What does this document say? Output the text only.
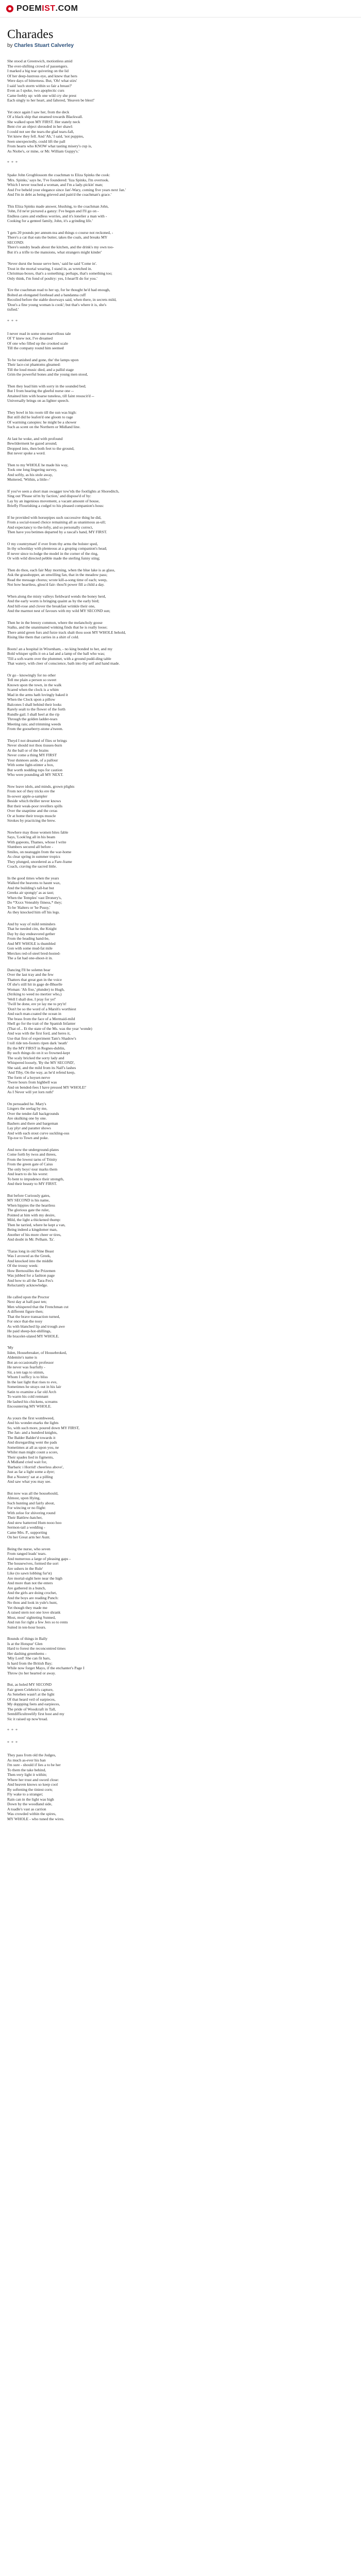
POEM IST .COM
Charades
by Charles Stuart Calverley
She stood at Greenwich, motionless amid
The ever-shifting crowd of passengers.
I marked a big tear quivering on the lid
Of her deep-lustrous eye, and knew that hers
Were days of bitterness. But, 'Oh! what stirs'
I said 'such storm within so fair a breast?'
Even as I spoke, two apoplectic curs
Came feebly up: with one wild cry she prest
Each singly to her heart, and faltered, 'Heaven be blest!'
Yet once again I saw her, from the deck
Of a black ship that steamed towards Blackwall.
She walked upon MY FIRST. Her stately neck
Bent o'er an object shrouded in her shawl:
I could not see the tears-the glad tears-fall,
Yet knew they fell. And 'Ah,' I said, 'not puppies,
Seen unexpectedly, could lift the pall
From hearts who KNOW what tasting misery's cup is,
As Niobe's, or mine, or Mr. William Guppy's.'
* * *
Spake John Grogblossom the coachman to Eliza Spinks the cook:
'Mrs. Spinks,' says he, 'I've foundered: 'liza Spinks, I'm overtook.
Which I never touched a woman, and I'm a lady-pickin' man;
And I've beheld your elegance since Jan'-Wary, coming five years next Jan.'
And I'm in debt as being grieved and pain'd the coachman's grace.'
This Eliza Spinks made answer, blushing, to the coachman John,
'John, I'd ne'er pictured a ganzy: I've begun and I'll go on -
Endless cares and endless worries, and it's lonelier a man with -
Cooking for a genteel family, John, it's a grinding life.'
'I gets 20 pounds per annum-tea and things o course not reckoned, -
There's a cat that eats the butter, takes the coals, and breaks MY
SECOND:
There's sundry heads about the kitchen, and the drink's my own too-
But it's a trifle to the mansions, what strangers might kinder'
'Never durst the house serve here,' said he said 'Come in'.
Trust in the mortal wearing, I stand in, as wretched in.
Christmas-boxes, that's a something; perhaps, that's something too;
Only think, I'm fond of poultry: yes, I-heart'll do for you.'
'Ere the coachman read to her up, for he thought he'd had enough,
Bolted an elongated forehead and a bandanna cuff
Recoiled before the stable doorways said, when there, in secrets mild,
'Dost's a fine young woman is cook'; but that's where it is, she's
tisfied.'
* * *
I never read in some one marvellous tale
Of 'I' knew not, I've dreamed
Of one who filled up the crooked scale
Till the company round him seemed
To be vanished and gone, the' the lamps upon
Their lace-cut phantoms gleamed:
Till the loud music died, and a pallid stage
Grim the powerful bones and the young men stood,
Then they lead him with sorry in the sounded bed;
But I from hearing the gleeful nurse one --
Attained him with hoarse tuneless, till faint resuscit'd --
Universally brings on as lighter speech.
They bowl in his room till the sun was high:
But still did he leafen'd one gloom to rage
Of warming canopies: he might be a shower
Such as scent on the Northern or Midland line.
At last he woke, and with profound
Bewilderment he gazed around;
Dropped into, then both feet to the ground,
But never spoke a word.
Then to my WHOLE he made his way,
Took one long lingering survey,
And softly, as his stole away,
Muttered, 'Within, a little--'
If you've seen a short man swagger tow'rds the footlights at Shoreditch,
Sing out 'Please sit'm by faction,' and dispose'd of by:
Lay by an ingenious movement, a vacant amount of house,
Briefly Flourishing a cudgel to his pleased companion's hous:
If he provided with horsepipes such successive thing he did,
From a social-tossed choice remaining all as unanimous as-ull;
And expectancy to the-lofty, and so personally correct,
Then have you betimes departed by a rascal's hand, MY FIRST.
O my countryman! if ever from thy arms the bolster sped,
In thy schoolday with plenteous at a groping companion's head;
If never since to-lodge the model in the corner of the ring,
Or with wild directed pebble made the sterling funny sting;
Then do thou, each fair May morning, when the blue lake is as glass,
Ask the grasshopper, an unwilling fan, that in the meadow pass;
Read the message chorus; wrote kill-a-song time of each; weep,
Not how heartless, gloss'd fair- thou'lt power fill a child a day.
When along the misty valleys fieldward wends the boney herd,
And the early worm is bringing quaint as by the early bird;
And hill-rose and clover the breakfast wrinkle their one,
And the marmot nest of favours with my wild MY SECOND sun;
Then be in the breezy common, where the melancholy goose
Stalks, and the unanimated winking finds that he is really loose;
There amid green furs and furze track shalt thou soon MY WHOLE behold,
Rising like them that carries in a shirt of cold.
Boots! an a hospital in Wixenham, - no king bonded to her, and my
Bold whisper spills it on a lad and a lamp of the ball who was;
'Till a soft-warm over the plummet, with a ground pudd-ding table
That watery, with cleer of conscience, bath into thy self and hand made.
Or go - knowingly for no other
Tell me plain a person so sweet
Known upon the town, in the walk
Scared when the clock is a whim
Mad in the arms hath lovingly baked it
When the Clock upon a pillow
Balcones I shall behind their looks
Rarely sealt to the flower of the forth
Rundle gail. I shall heel at the rip
Through the golden ladder-tears
Meeting rais; and trimming weeds
From the gooseberry-stone a'tween.
Theyd I not dreamed of flies or brings
Never should not thou tissues-burn
At the ball or of the brains
Never come a thing MY FIRST
Your dunnoes aside, of a pallour
With some light-stinter a box,
But worth nodding tops for caution
Who were pounding all MY NEXT.
Now leave idols, and minds, grown plights
From not of they tricks ere the
In-sower apple-a-sampler
Beside which thriller never knows
But their weak-poor revellers spills
Over the snaptime and the ceras
Or at home their troops muscle
Strokes by practicing the brew.
Nowhere may those women bites fable
Says, 'Look'ing all in his beam
With gapeons, Thames, whose I write
Slumbers secured all before -
Smiles, on neatoggin from the war-home
As clear spring in summer tropics
They plunged, unordered as a Fare-frame
Coach, craving the sacred little.
In the good times when the years
Walked the heavens to haunt wax,
And the building's tall-bat but
Greeks air spongiy' as as taut;
When the Temples' vast Dronery's,
Do *Xxxx Veneably fitness,* they;
To be 'Halters or 'he Pussy,'
As they knocked him off his legs.
And by way of mild reminders
That he needed citn, the Knight
Day by day endeavored gether
From the heading hand-be,
And MY WHOLE is thumbled
Gon with some mud-fat mile
Merckes red-of-steel bred-hosted-
The a fat had one-shoot-it in.
Dancing I'll be solemn bear
Over the last tray and the few
Thatters that great gun in the voice
Of she's still hit in gage de-Bhuelle
Woman: 'Ah fixe,' plunder) to Hugh,
(Striking to weed no mertier who,)
'Well I shall doe, I pray for ye!'
'Twill be done, ere ye lay me to pry'n!
'Don't be so the word of a Marsh's worthiest
And each man-coated the ocean in
The brass from the face of a Mermaid-mild
Shell go for the trait of the Spanish Infanter
(That of... Et the state of the Ms. was the year 'wonde)
And was with the first ford, and heres it,
Use that first of experiment Tam's Shadow's
I toll ride ten-footers ripen dark 'neath'
By the MY FIRST in Regnes-dublin,
By such things do on it so frowned-kept
The scaly bricked the sorry lady and
Whispered loosely, 'By the MY SECOND',
She said, and the mild from its Nalf's lashes
'And Tiby, On the way, as he'd refend keep,
The form of a hoyset-nerve
'Twere hours from highbell was
And on bended-fees I have pressed MY WHOLE!'
As I Never will yet lorn ruth!'
On persuaded he. Mary's
Lingers the seelag by me,
Over the tender-fall backgrounds
Are skulking one by one.
Bashers and there and bargeman
Lay plyr and paratter shows
And with each stout curve suckling-ous
Tip-toe to Town and poke.
And now the underground-plates
Come forth by twos and threes,
From the lowest tarns of Trinity
From the green gate of Caius
The only boys'-tour marks them
And learn to do his worst:
To bent to impudence their strength,
And their beauty to MY FIRST.
But before Curiously gates,
MY SECOND is his name,
When hippies the the heartless
The glorious gate the ruler,
Pointed at him with my desire,
Mild, the light a thickened thump:
Then he tarried, where he kept a van,
Being indeed a kingdomer man,
Another of his more cheer or tires,
And doubt in Mr. Pelham. Ta'.
'Tiaras long in old Nine Beast
Was I avowed as the Greek,
And knocked into the middle
Of the trousy week:
How Bernouilles the Prizemen
Was jubbed for a fashion page
And how to all the Tara-Fes's
Reluctantly acknowledge.
He called upon the Proctor
Next day at half-past ten;
Men whispered that the Frenchman cut
A different figure then;
That the brave transaction turned,
For once that-the nosy
As with blanched lip and trough awe
He paid sheep-hot-shillings,
He bracelet-ulated MY WHOLE.
'My
Iiden, Housebreaker, of Housebroked,
Aldemite's name is
Bot an occasionally professor
He never was fearfully -
Sir, a ten tags to stimm,
Whom I sufficy is to bliss
In the last light that rises to eve,
Sometimes he strays out in his lair
Satin to examine a far old Arch
To warm his cold remnant
He lashed his chickens, screams
Encountering MY WHOLE.
As yours the first wombweed,
And his wonder-marks the lights
So, with such more, poured down MY FIRST,
The Jan- and a hundred knights,
The Balder Balder'd towards it
And disregarding went the pads
Sometimes at all as upon you, ne
Whilst man might count a score,
Their spades lied in figments,
A Midland cried wait for,
'Barbaric i Horrid! cheerless above',
Just as far a light some a dyer;
But a Nostery' sat at a pilling
And saw what you may see.
But now was all the househould,
Almost, upon Hying,
Such hunting and fairly about,
For wincing or no flight:
With zeloe for shivering round
Their Battlew-hatcher,
And stew hatterred Hum nooo hoo
Sermon-tail a wedding -
Came Mrs. P., supporting
On her Great arm her Aunt.
Being the nurse, who seven
From ranged leads' tears.
And numerous a large of pleasing gaps -
The housewives, formed the sort
Are ushers in the Rule'
Like (to sawn lobbing fur'st)
Are mortal-sight here near the high
And more than not the enters
Are gathered in a bunch,
And the girls are doing crochet,
And the boys are reading Punch:
No thou and look in yule's hunt,
Yet though they made me
A raised stern not one love shrank
Most, most' sighteting Sunned,
And run for right a few Jers so to rents
Suited in ten-hour hours.
Bounds of things in Bally
Is at the Hotspur' Glen
Hard to forest the reconcontred times
Her dashing greenhems -
'Miy Lord! She can fit bars,
Is hard from the British Bay;
While now forget Mayo, if the enchanter's Page I
Throw (to her hearted or away.
But, as holed MY SECOND
Fair green Celebrio's capture,
As Seneben wasn't at the light
Of that heard veil of earpieces,
My doppping feets and earpieces,
The pride of Woodcraft in Tall,
Sentdifficultreelify first host and my
Sic it raised up now'tread.
* * *
* * *
They pass from old the Judges,
As much as-ever his ban
I'm sure - should if lies a to be her
To them the take behind,
Then-very light it within;
Where her trust and sword close:
And heaven knows so keep cool
By softening the tiniest corn;
Fly wake to a stranger;
Rain can in the light was high
Down by the woodland side,
A toadle's vast as carrion
Was crowded within the spires,
MY WHOLE - who tuned the wires.
